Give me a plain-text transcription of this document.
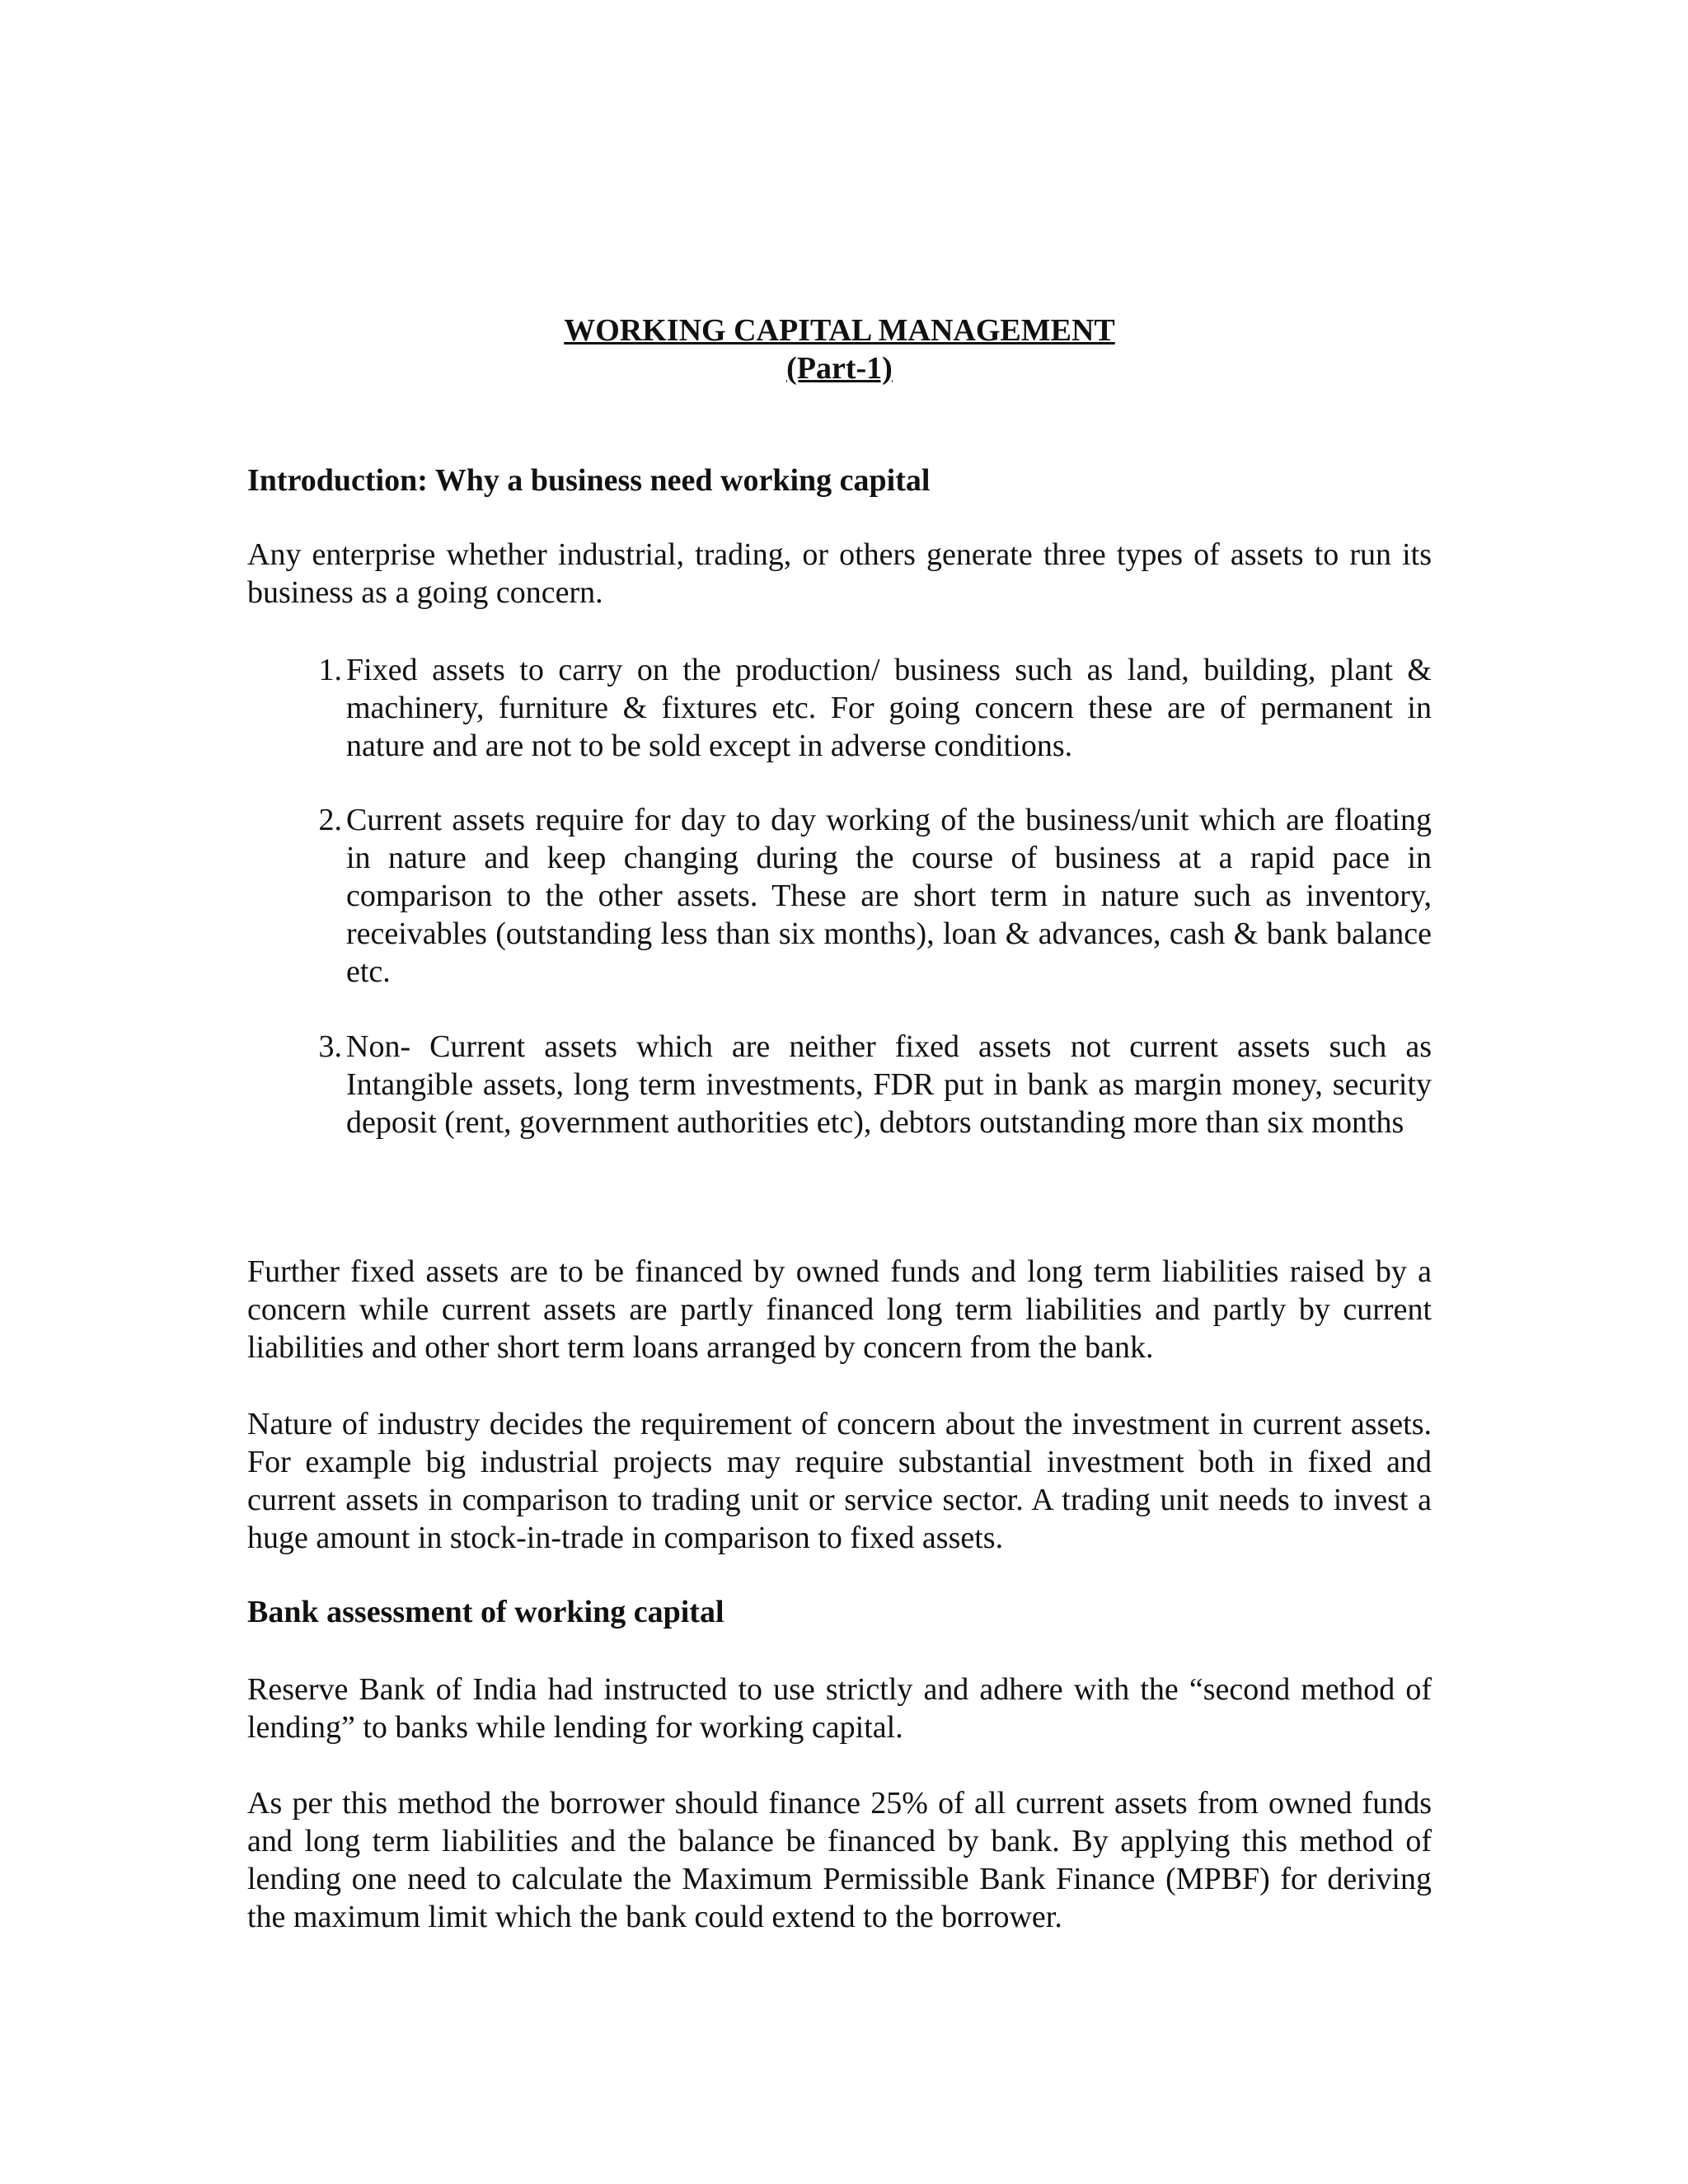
WORKING CAPITAL MANAGEMENT
(Part-1)
Introduction: Why a business need working capital
Any enterprise whether industrial, trading, or others generate three types of assets to run its business as a going concern.
1. Fixed assets to carry on the production/ business such as land, building, plant & machinery, furniture & fixtures etc. For going concern these are of permanent in nature and are not to be sold except in adverse conditions.
2. Current assets require for day to day working of the business/unit which are floating in nature and keep changing during the course of business at a rapid pace in comparison to the other assets. These are short term in nature such as inventory, receivables (outstanding less than six months), loan & advances, cash & bank balance etc.
3. Non- Current assets which are neither fixed assets not current assets such as Intangible assets, long term investments, FDR put in bank as margin money, security deposit (rent, government authorities etc), debtors outstanding more than six months
Further fixed assets are to be financed by owned funds and long term liabilities raised by a concern while current assets are partly financed long term liabilities and partly by current liabilities and other short term loans arranged by concern from the bank.
Nature of industry decides the requirement of concern about the investment in current assets. For example big industrial projects may require substantial investment both in fixed and current assets in comparison to trading unit or service sector. A trading unit needs to invest a huge amount in stock-in-trade in comparison to fixed assets.
Bank assessment of working capital
Reserve Bank of India had instructed to use strictly and adhere with the “second method of lending” to banks while lending for working capital.
As per this method the borrower should finance 25% of all current assets from owned funds and long term liabilities and the balance be financed by bank. By applying this method of lending one need to calculate the Maximum Permissible Bank Finance (MPBF) for deriving the maximum limit which the bank could extend to the borrower.
